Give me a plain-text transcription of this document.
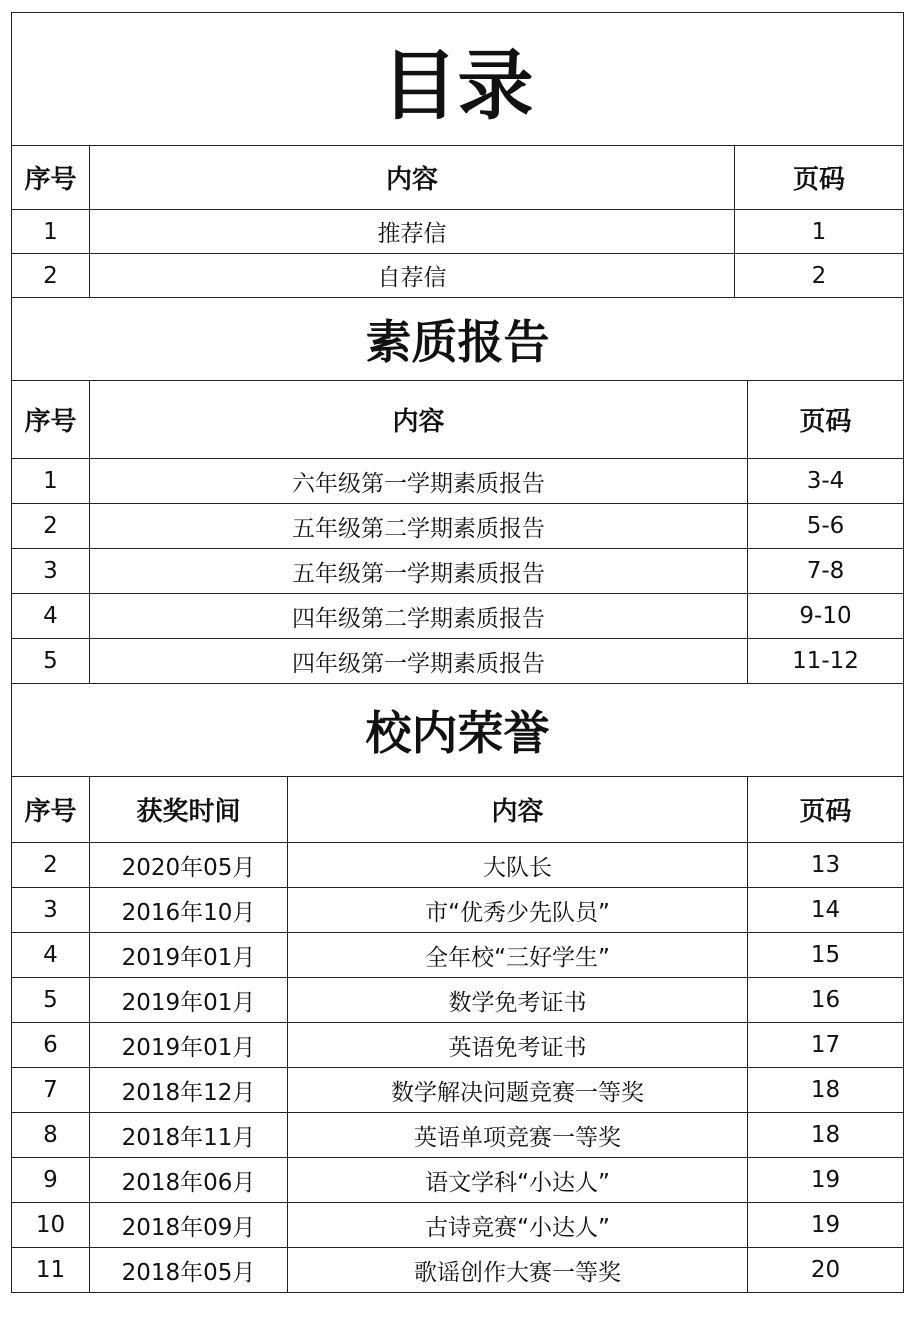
目录		
序号	内容	页码
1	推荐信	1
2	自荐信	2
素质报告		
序号	内容	页码
1	六年级第一学期素质报告	3-4
2	五年级第二学期素质报告	5-6
3	五年级第一学期素质报告	7-8
4	四年级第二学期素质报告	9-10
5	四年级第一学期素质报告	11-12
校内荣誉			
序号	获奖时间	内容	页码
2	2020年05月	大队长	13
3	2016年10月	市“优秀少先队员”	14
4	2019年01月	全年校“三好学生”	15
5	2019年01月	数学免考证书	16
6	2019年01月	英语免考证书	17
7	2018年12月	数学解决问题竞赛一等奖	18
8	2018年11月	英语单项竞赛一等奖	18
9	2018年06月	语文学科“小达人”	19
10	2018年09月	古诗竞赛“小达人”	19
11	2018年05月	歌谣创作大赛一等奖	20
